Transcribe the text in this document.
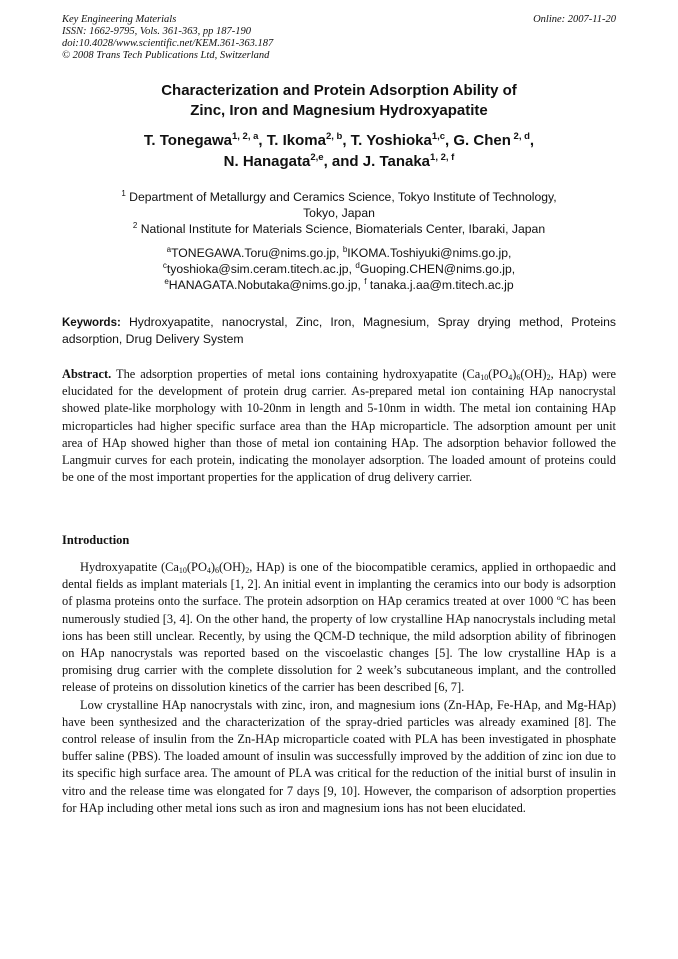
Key Engineering Materials
ISSN: 1662-9795, Vols. 361-363, pp 187-190
doi:10.4028/www.scientific.net/KEM.361-363.187
© 2008 Trans Tech Publications Ltd, Switzerland
Online: 2007-11-20
Characterization and Protein Adsorption Ability of
Zinc, Iron and Magnesium Hydroxyapatite
T. Tonegawa$^{1, 2, a}$, T. Ikoma$^{2, b}$, T. Yoshioka$^{1,c}$, G. Chen $^{2, d}$,
N. Hanagata$^{2,e}$, and J. Tanaka$^{1, 2, f}$
$^1$ Department of Metallurgy and Ceramics Science, Tokyo Institute of Technology,
Tokyo, Japan
$^2$ National Institute for Materials Science, Biomaterials Center, Ibaraki, Japan
$^a$TONEGAWA.Toru@nims.go.jp, $^b$IKOMA.Toshiyuki@nims.go.jp,
$^c$tyoshioka@sim.ceram.titech.ac.jp, $^d$Guoping.CHEN@nims.go.jp,
$^e$HANAGATA.Nobutaka@nims.go.jp, $^f$ tanaka.j.aa@m.titech.ac.jp
Keywords: Hydroxyapatite, nanocrystal, Zinc, Iron, Magnesium, Spray drying method, Proteins adsorption, Drug Delivery System
Abstract. The adsorption properties of metal ions containing hydroxyapatite ($Ca_{10}(PO_4)_6(OH)_2$, HAp) were elucidated for the development of protein drug carrier. As-prepared metal ion containing HAp nanocrystal showed plate-like morphology with 10-20nm in length and 5-10nm in width. The metal ion containing HAp microparticles had higher specific surface area than the HAp microparticle. The adsorption amount per unit area of HAp showed higher than those of metal ion containing HAp. The adsorption behavior followed the Langmuir curves for each protein, indicating the monolayer adsorption. The loaded amount of proteins could be one of the most important properties for the application of drug delivery carrier.
Introduction

Hydroxyapatite ($Ca_{10}(PO_4)_6(OH)_2$, HAp) is one of the biocompatible ceramics, applied in orthopaedic and dental fields as implant materials [1, 2]. An initial event in implanting the ceramics into our body is adsorption of plasma proteins onto the surface. The protein adsorption on HAp ceramics treated at over 1000 ºC has been numerously studied [3, 4]. On the other hand, the property of low crystalline HAp nanocrystals including metal ions has been still unclear. Recently, by using the QCM-D technique, the mild adsorption ability of fibrinogen on HAp nanocrystals was reported based on the viscoelastic changes [5]. The low crystalline HAp is a promising drug carrier with the complete dissolution for 2 week’s subcutaneous implant, and the controlled release of proteins on dissolution kinetics of the carrier has been described [6, 7].

Low crystalline HAp nanocrystals with zinc, iron, and magnesium ions (Zn-HAp, Fe-HAp, and Mg-HAp) have been synthesized and the characterization of the spray-dried particles was already examined [8]. The control release of insulin from the Zn-HAp microparticle coated with PLA has been investigated in phosphate buffer saline (PBS). The loaded amount of insulin was successfully improved by the addition of zinc ion due to its specific high surface area. The amount of PLA was critical for the reduction of the initial burst of insulin in vitro and the release time was elongated for 7 days [9, 10]. However, the comparison of adsorption properties for HAp including other metal ions such as iron and magnesium ions has not been elucidated.
